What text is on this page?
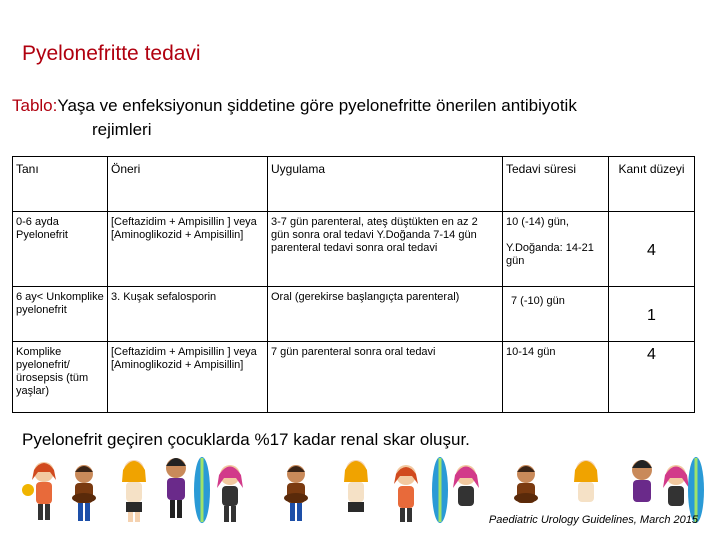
Pyelonefritte tedavi
Tablo:Yaşa ve enfeksiyonun şiddetine göre pyelonefritte önerilen antibiyotik
rejimleri
Tanı	Öneri	Uygulama	Tedavi süresi	Kanıt düzeyi
0-6 ayda Pyelonefrit	[Ceftazidim + Ampisillin ] veya [Aminoglikozid + Ampisillin]	3-7 gün parenteral, ateş düştükten en az 2 gün sonra oral tedavi Y.Doğanda 7-14 gün parenteral tedavi sonra oral tedavi	10 (-14) gün,
Y.Doğanda: 14-21 gün	4
6 ay< Unkomplike pyelonefrit	3. Kuşak sefalosporin	Oral (gerekirse başlangıçta parenteral)	7 (-10) gün	1
Komplike pyelonefrit/ ürosepsis (tüm yaşlar)	[Ceftazidim + Ampisillin ] veya [Aminoglikozid + Ampisillin]	7 gün parenteral sonra oral tedavi	10-14 gün	4
Pyelonefrit geçiren çocuklarda %17 kadar renal skar oluşur.
Paediatric Urology Guidelines, March 2015
